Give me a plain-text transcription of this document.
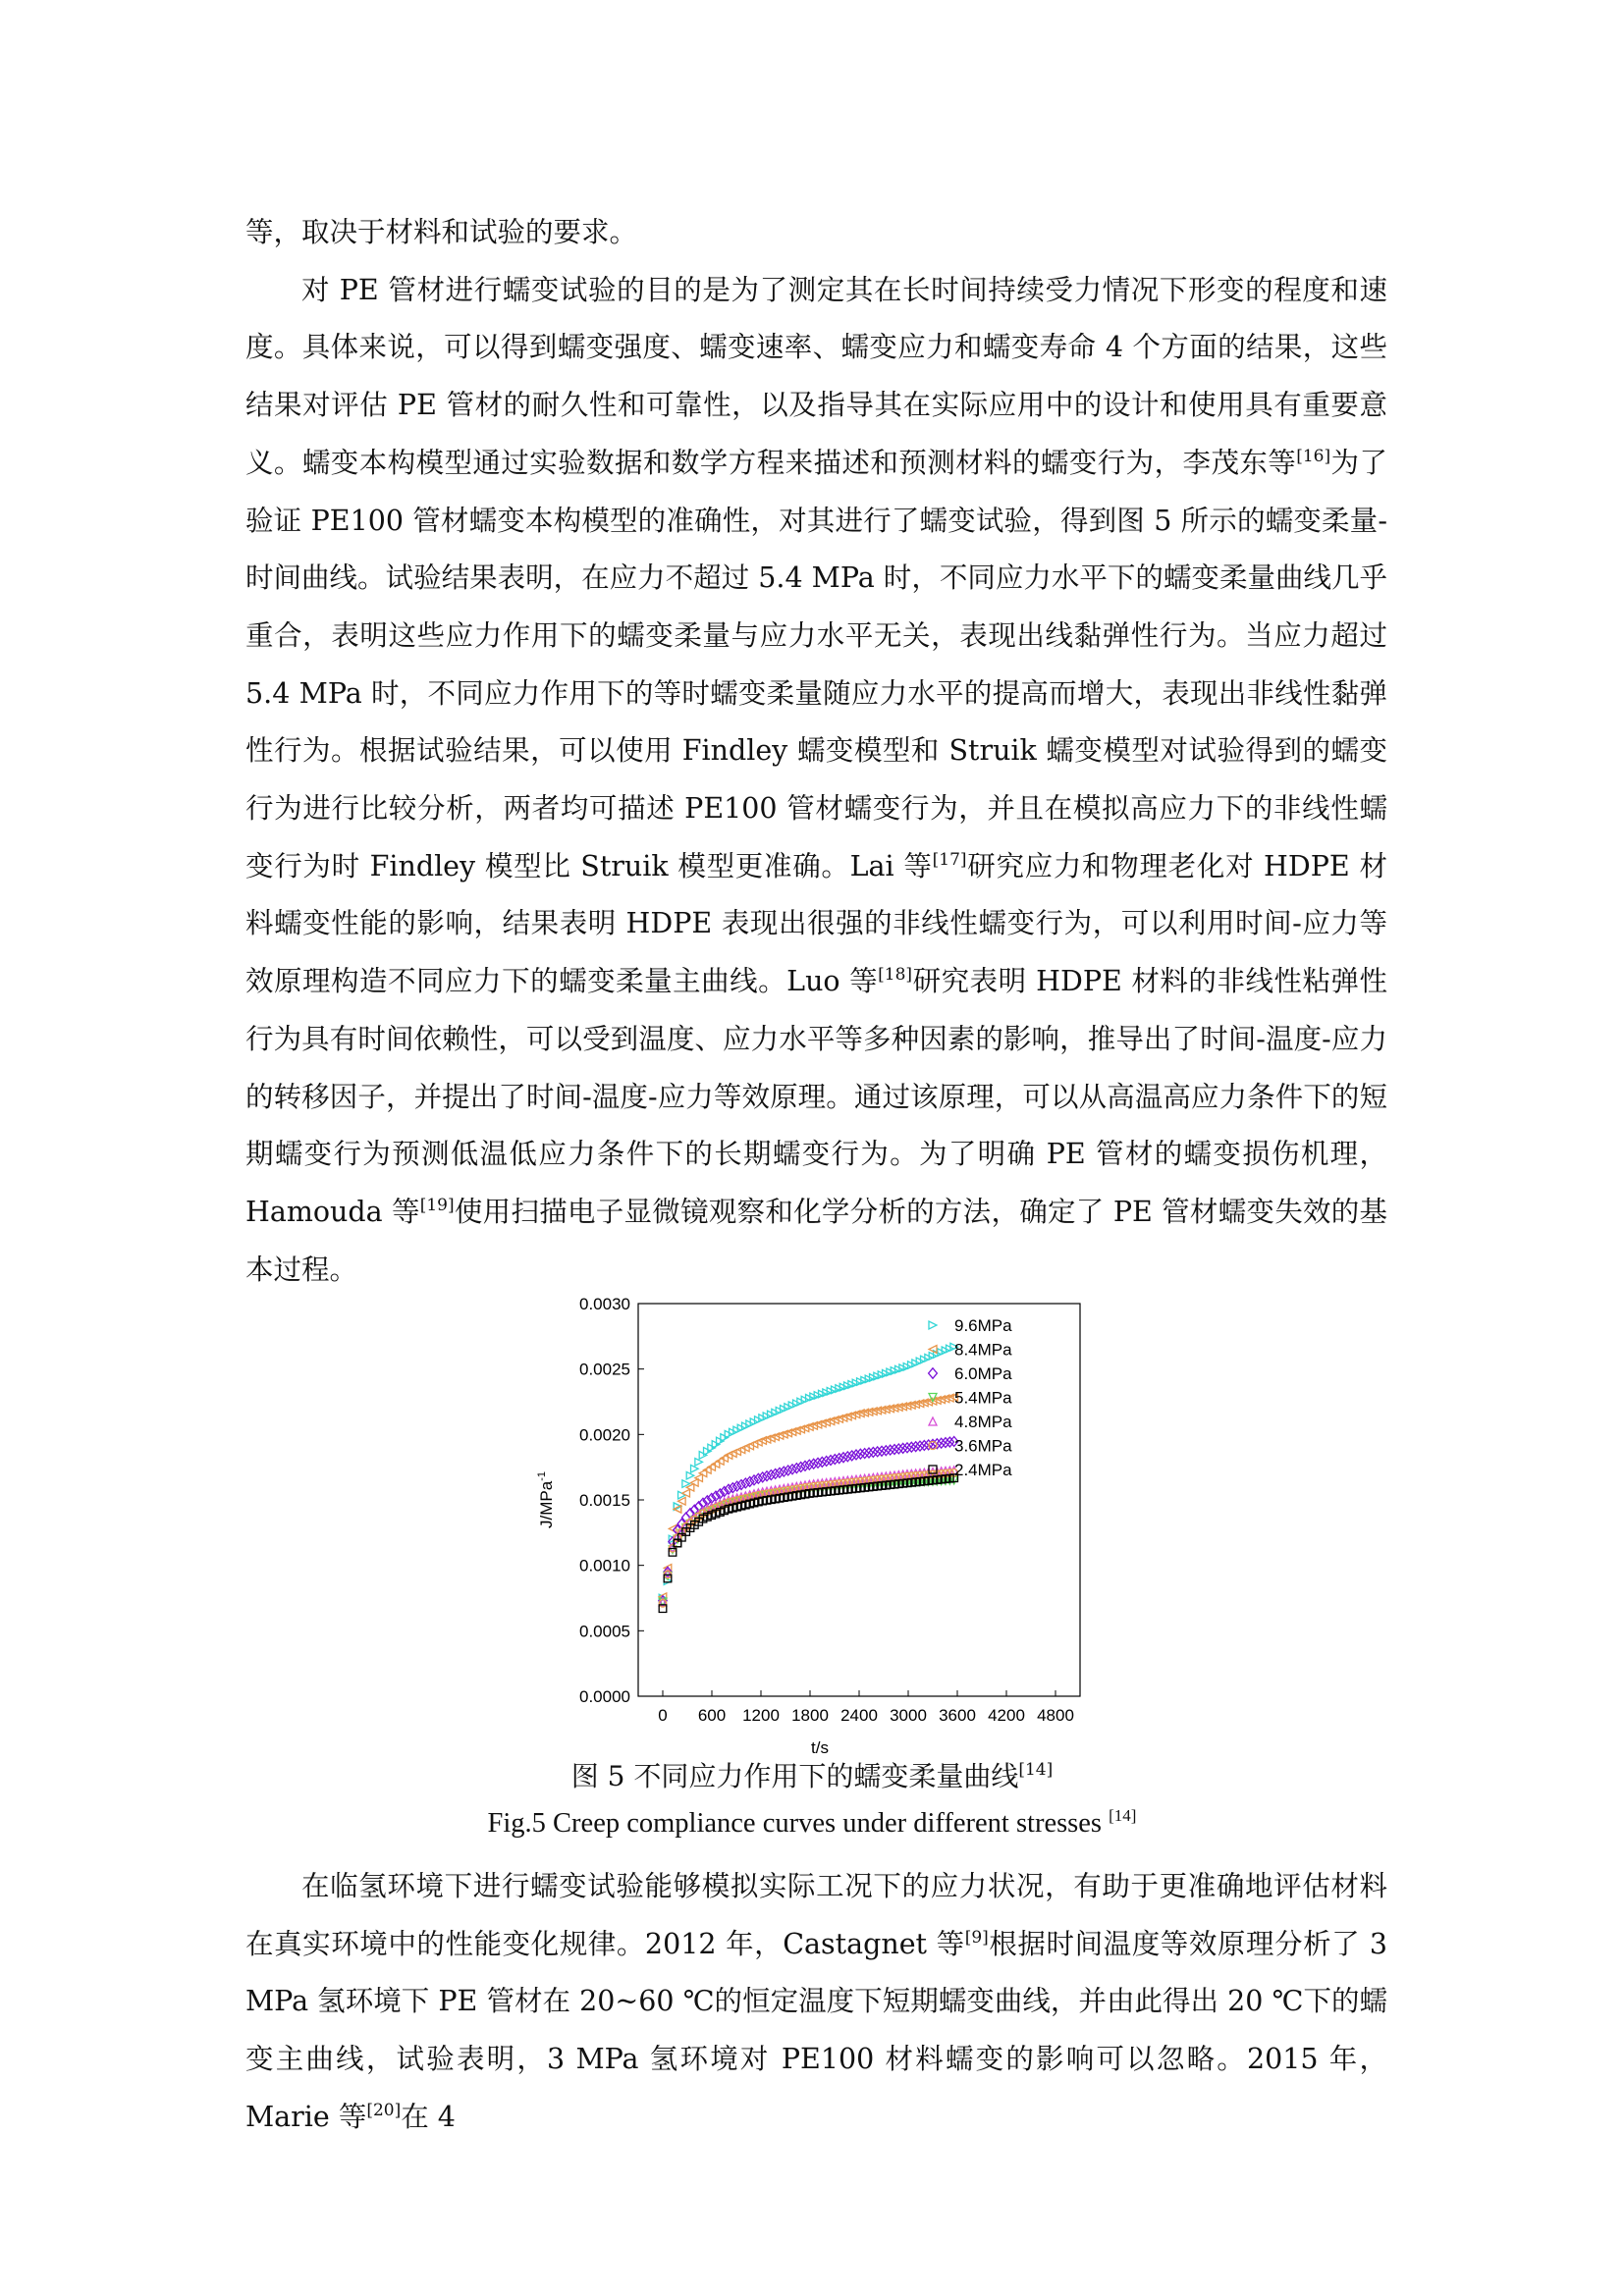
等，取决于材料和试验的要求。

对 PE 管材进行蠕变试验的目的是为了测定其在长时间持续受力情况下形变的程度和速度。具体来说，可以得到蠕变强度、蠕变速率、蠕变应力和蠕变寿命 4 个方面的结果，这些结果对评估 PE 管材的耐久性和可靠性，以及指导其在实际应用中的设计和使用具有重要意义。蠕变本构模型通过实验数据和数学方程来描述和预测材料的蠕变行为，李茂东等[16]为了验证 PE100 管材蠕变本构模型的准确性，对其进行了蠕变试验，得到图 5 所示的蠕变柔量-时间曲线。试验结果表明，在应力不超过 5.4 MPa 时，不同应力水平下的蠕变柔量曲线几乎重合，表明这些应力作用下的蠕变柔量与应力水平无关，表现出线黏弹性行为。当应力超过 5.4 MPa 时，不同应力作用下的等时蠕变柔量随应力水平的提高而增大，表现出非线性黏弹性行为。根据试验结果，可以使用 Findley 蠕变模型和 Struik 蠕变模型对试验得到的蠕变行为进行比较分析，两者均可描述 PE100 管材蠕变行为，并且在模拟高应力下的非线性蠕变行为时 Findley 模型比 Struik 模型更准确。Lai 等[17]研究应力和物理老化对 HDPE 材料蠕变性能的影响，结果表明 HDPE 表现出很强的非线性蠕变行为，可以利用时间-应力等效原理构造不同应力下的蠕变柔量主曲线。Luo 等[18]研究表明 HDPE 材料的非线性粘弹性行为具有时间依赖性，可以受到温度、应力水平等多种因素的影响，推导出了时间-温度-应力的转移因子，并提出了时间-温度-应力等效原理。通过该原理，可以从高温高应力条件下的短期蠕变行为预测低温低应力条件下的长期蠕变行为。为了明确 PE 管材的蠕变损伤机理，Hamouda 等[19]使用扫描电子显微镜观察和化学分析的方法，确定了 PE 管材蠕变失效的基本过程。

0 600 1200 1800 2400 3000 3600 4200 4800
0.0000
0.0005
0.0010
0.0015
0.0020
0.0025
0.0030
t/s
J/MPa$^{-1}$
9.6MPa
8.4MPa
6.0MPa
5.4MPa
4.8MPa
3.6MPa
2.4MPa

图 5 不同应力作用下的蠕变柔量曲线[14]

Fig.5 Creep compliance curves under different stresses [14]

在临氢环境下进行蠕变试验能够模拟实际工况下的应力状况，有助于更准确地评估材料在真实环境中的性能变化规律。2012 年，Castagnet 等[9]根据时间温度等效原理分析了 3 MPa 氢环境下 PE 管材在 20~60 ℃的恒定温度下短期蠕变曲线，并由此得出 20 ℃下的蠕变主曲线，试验表明，3 MPa 氢环境对 PE100 材料蠕变的影响可以忽略。2015 年，Marie 等[20]在 4
